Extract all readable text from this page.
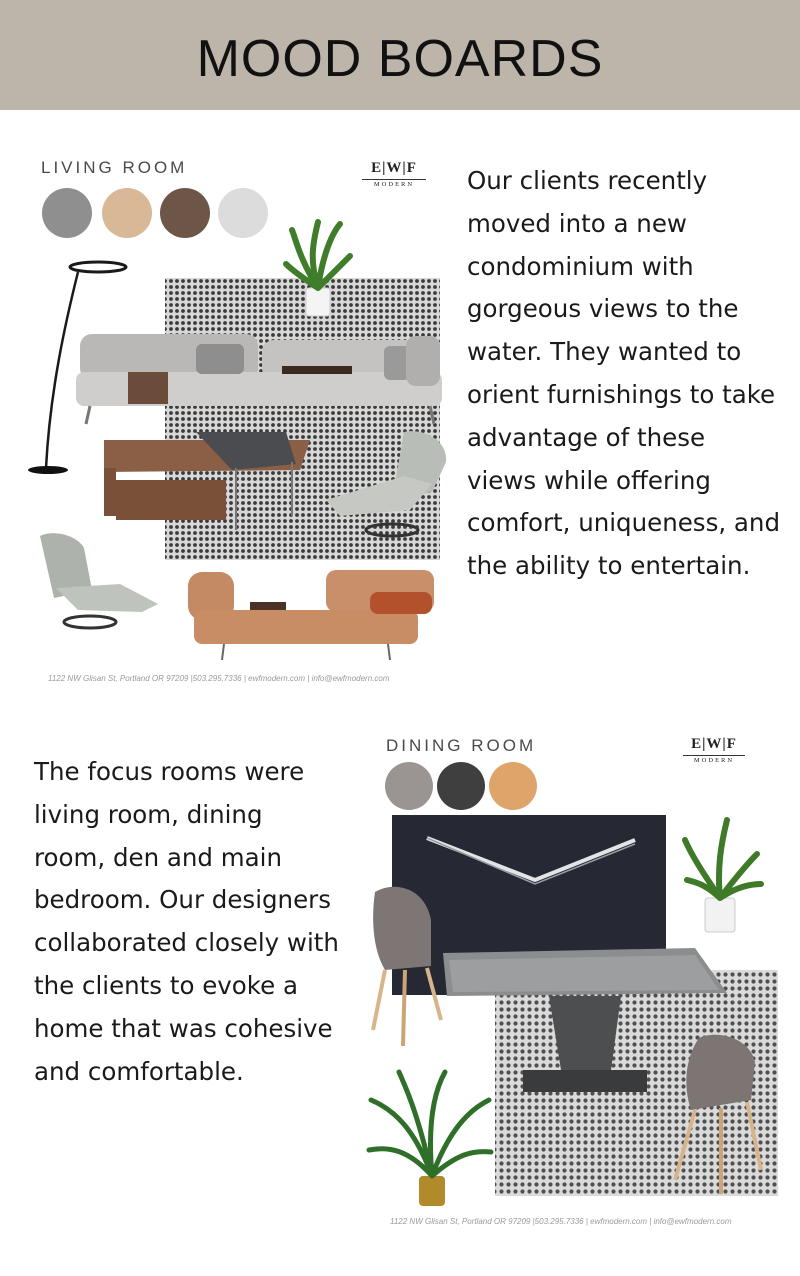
MOOD BOARDS
LIVING ROOM	E|W|F
MODERN	Our clients recently
moved into a new
condominium with
gorgeous views to the
water. They wanted to
orient furnishings to take
advantage of these
views while offering
comfort, uniqueness, and
the ability to entertain.
1122 NW Glisan St, Portland OR 97209 |503.295.7336 | ewfmodern.com | info@ewfmodern.com
DINING ROOM	E|W|F
MODERN
The focus rooms were
living room, dining
room, den and main
bedroom. Our designers
collaborated closely with
the clients to evoke a
home that was cohesive
and comfortable.
1122 NW Glisan St, Portland OR 97209 |503.295.7336 | ewfmodern.com | info@ewfmodern.com
